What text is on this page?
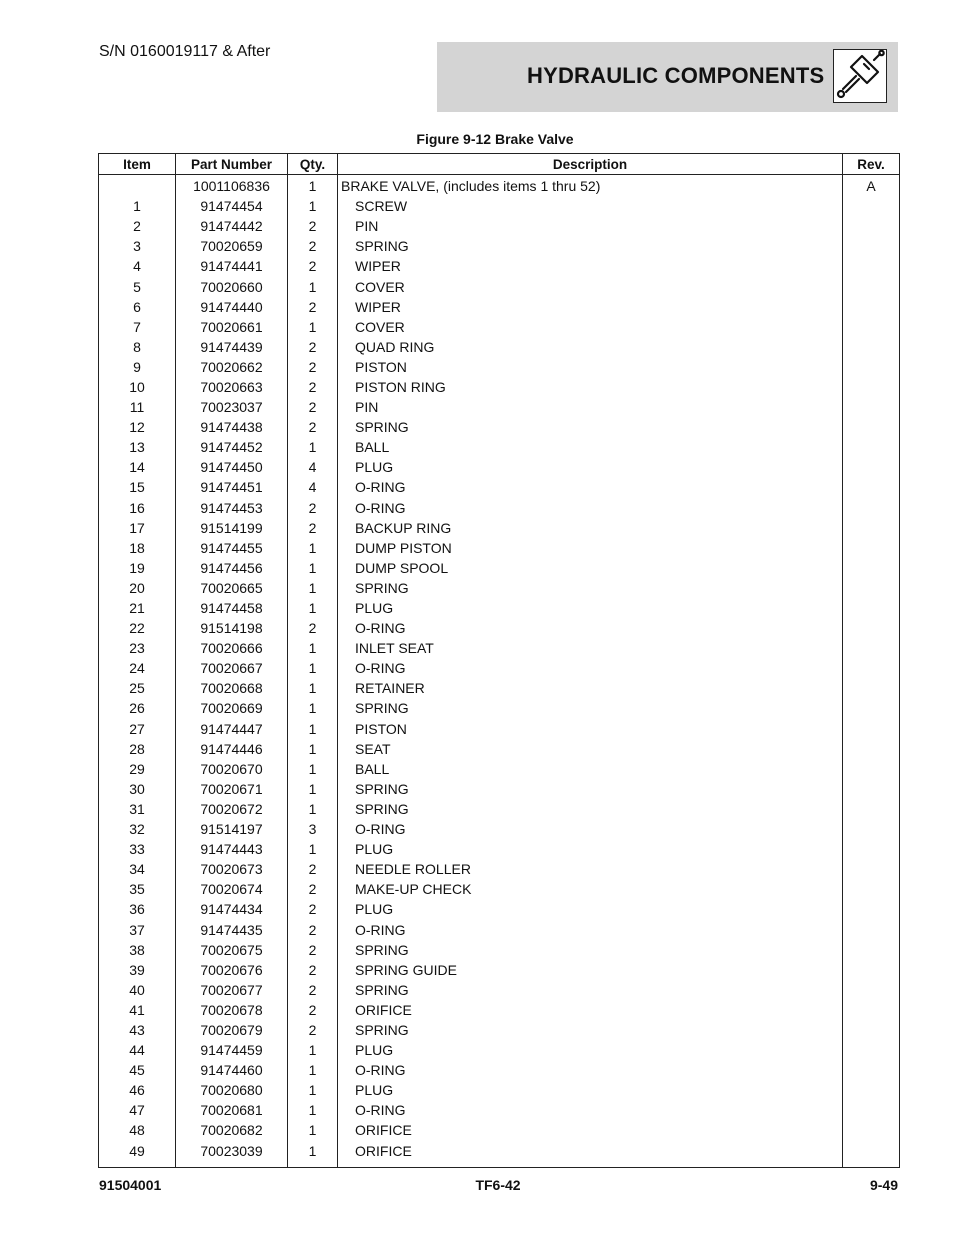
S/N 0160019117 & After
HYDRAULIC COMPONENTS
Figure 9-12 Brake Valve
Item	Part Number	Qty.	Description	Rev.
	1001106836	1	BRAKE VALVE, (includes items 1 thru 52)	A
1	91474454	1	SCREW	
2	91474442	2	PIN	
3	70020659	2	SPRING	
4	91474441	2	WIPER	
5	70020660	1	COVER	
6	91474440	2	WIPER	
7	70020661	1	COVER	
8	91474439	2	QUAD RING	
9	70020662	2	PISTON	
10	70020663	2	PISTON RING	
11	70023037	2	PIN	
12	91474438	2	SPRING	
13	91474452	1	BALL	
14	91474450	4	PLUG	
15	91474451	4	O-RING	
16	91474453	2	O-RING	
17	91514199	2	BACKUP RING	
18	91474455	1	DUMP PISTON	
19	91474456	1	DUMP SPOOL	
20	70020665	1	SPRING	
21	91474458	1	PLUG	
22	91514198	2	O-RING	
23	70020666	1	INLET SEAT	
24	70020667	1	O-RING	
25	70020668	1	RETAINER	
26	70020669	1	SPRING	
27	91474447	1	PISTON	
28	91474446	1	SEAT	
29	70020670	1	BALL	
30	70020671	1	SPRING	
31	70020672	1	SPRING	
32	91514197	3	O-RING	
33	91474443	1	PLUG	
34	70020673	2	NEEDLE ROLLER	
35	70020674	2	MAKE-UP CHECK	
36	91474434	2	PLUG	
37	91474435	2	O-RING	
38	70020675	2	SPRING	
39	70020676	2	SPRING GUIDE	
40	70020677	2	SPRING	
41	70020678	2	ORIFICE	
43	70020679	2	SPRING	
44	91474459	1	PLUG	
45	91474460	1	O-RING	
46	70020680	1	PLUG	
47	70020681	1	O-RING	
48	70020682	1	ORIFICE	
49	70023039	1	ORIFICE	

91504001	TF6-42	9-49
